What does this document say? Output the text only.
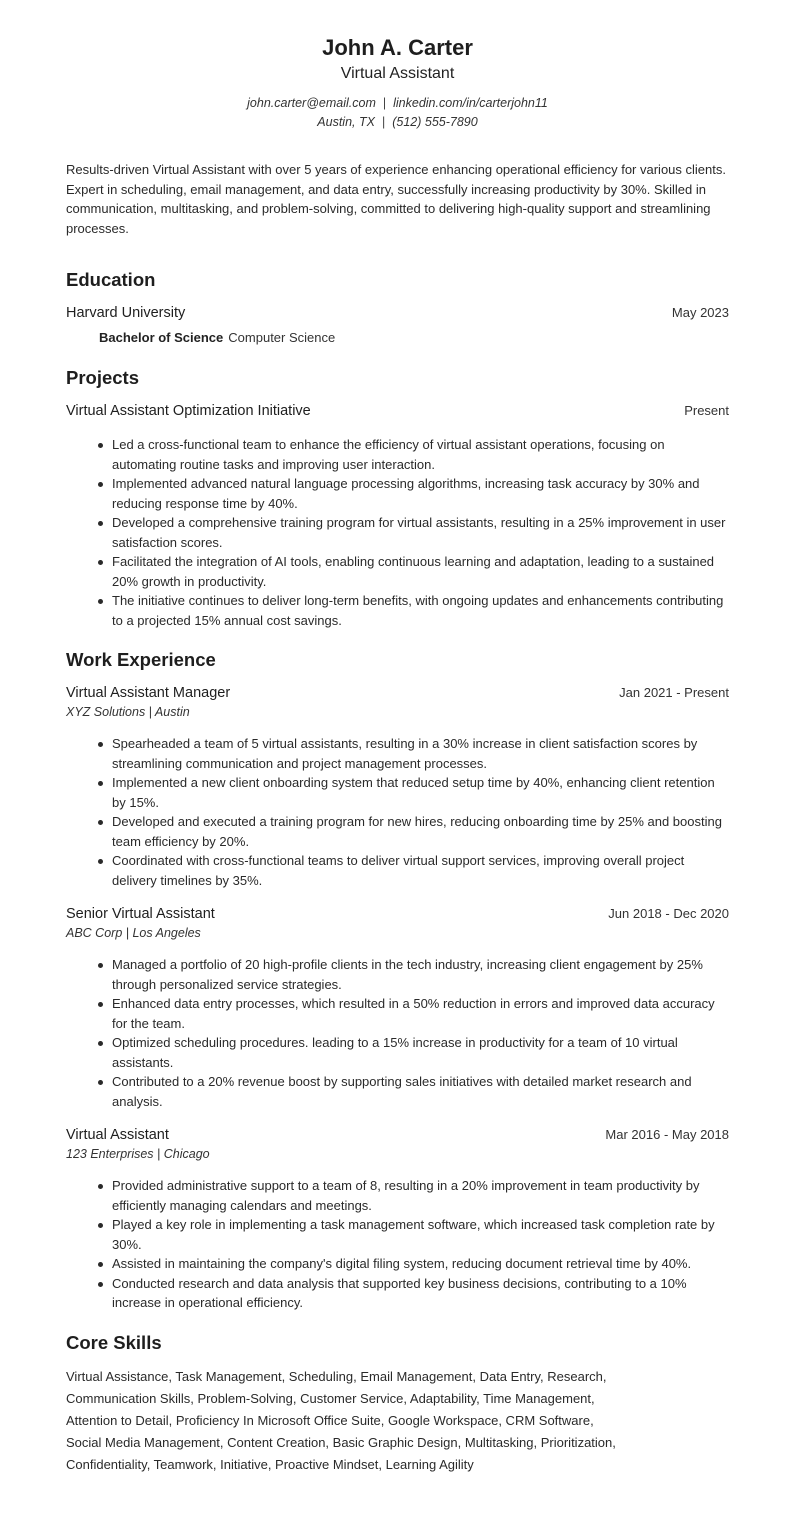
John A. Carter
Virtual Assistant
john.carter@email.com | linkedin.com/in/carterjohn11
Austin, TX | (512) 555-7890
Results-driven Virtual Assistant with over 5 years of experience enhancing operational efficiency for various clients. Expert in scheduling, email management, and data entry, successfully increasing productivity by 30%. Skilled in communication, multitasking, and problem-solving, committed to delivering high-quality support and streamlining processes.
Education
Harvard University	May 2023
Bachelor of Science Computer Science
Projects
Virtual Assistant Optimization Initiative	Present
Led a cross-functional team to enhance the efficiency of virtual assistant operations, focusing on automating routine tasks and improving user interaction.
Implemented advanced natural language processing algorithms, increasing task accuracy by 30% and reducing response time by 40%.
Developed a comprehensive training program for virtual assistants, resulting in a 25% improvement in user satisfaction scores.
Facilitated the integration of AI tools, enabling continuous learning and adaptation, leading to a sustained 20% growth in productivity.
The initiative continues to deliver long-term benefits, with ongoing updates and enhancements contributing to a projected 15% annual cost savings.
Work Experience
Virtual Assistant Manager	Jan 2021 - Present
XYZ Solutions | Austin
Spearheaded a team of 5 virtual assistants, resulting in a 30% increase in client satisfaction scores by streamlining communication and project management processes.
Implemented a new client onboarding system that reduced setup time by 40%, enhancing client retention by 15%.
Developed and executed a training program for new hires, reducing onboarding time by 25% and boosting team efficiency by 20%.
Coordinated with cross-functional teams to deliver virtual support services, improving overall project delivery timelines by 35%.
Senior Virtual Assistant	Jun 2018 - Dec 2020
ABC Corp | Los Angeles
Managed a portfolio of 20 high-profile clients in the tech industry, increasing client engagement by 25% through personalized service strategies.
Enhanced data entry processes, which resulted in a 50% reduction in errors and improved data accuracy for the team.
Optimized scheduling procedures. leading to a 15% increase in productivity for a team of 10 virtual assistants.
Contributed to a 20% revenue boost by supporting sales initiatives with detailed market research and analysis.
Virtual Assistant	Mar 2016 - May 2018
123 Enterprises | Chicago
Provided administrative support to a team of 8, resulting in a 20% improvement in team productivity by efficiently managing calendars and meetings.
Played a key role in implementing a task management software, which increased task completion rate by 30%.
Assisted in maintaining the company's digital filing system, reducing document retrieval time by 40%.
Conducted research and data analysis that supported key business decisions, contributing to a 10% increase in operational efficiency.
Core Skills
Virtual Assistance, Task Management, Scheduling, Email Management, Data Entry, Research,
Communication Skills, Problem-Solving, Customer Service, Adaptability, Time Management,
Attention to Detail, Proficiency In Microsoft Office Suite, Google Workspace, CRM Software,
Social Media Management, Content Creation, Basic Graphic Design, Multitasking, Prioritization,
Confidentiality, Teamwork, Initiative, Proactive Mindset, Learning Agility
